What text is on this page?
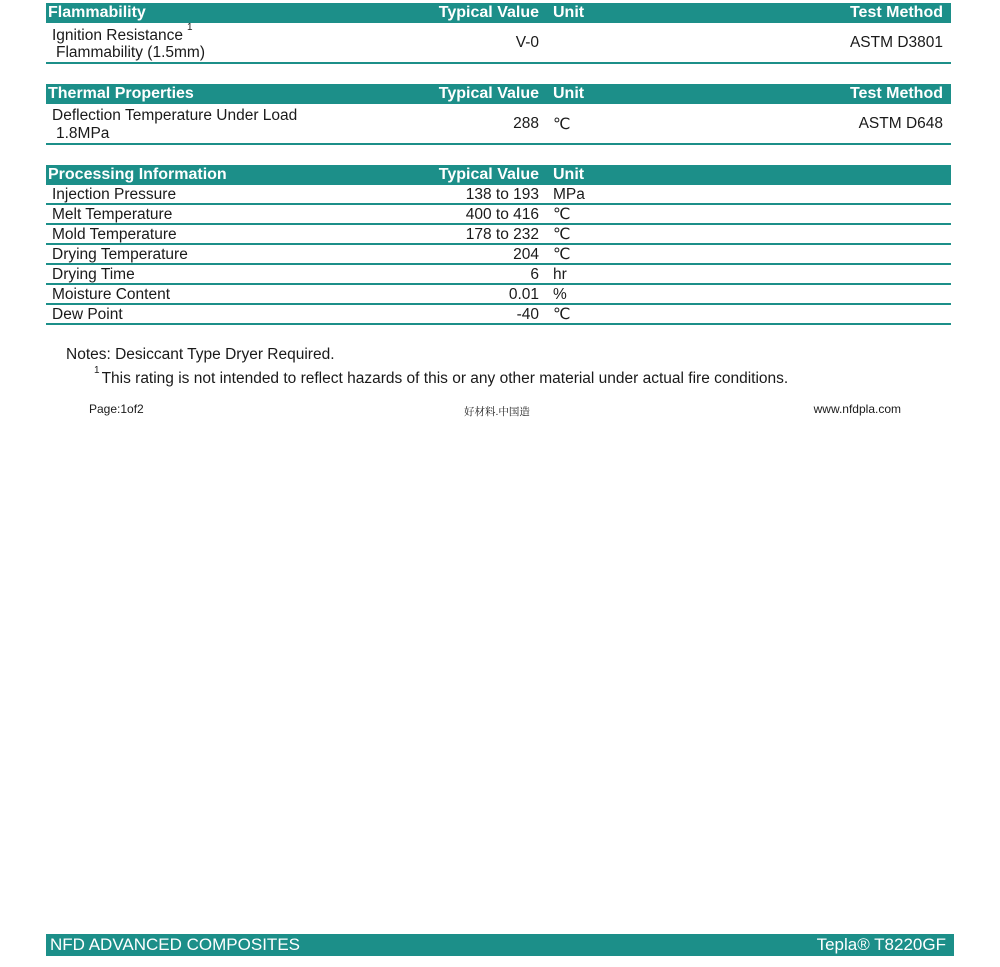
Flammability	Typical Value Unit	Test Method
Ignition Resistance $^1$
Flammability (1.5mm)
V-0	ASTM D3801
Thermal Properties	Typical Value Unit	Test Method
Deflection Temperature Under Load
1.8MPa
288 ℃	ASTM D648
Processing Information	Typical Value Unit
Injection Pressure	138 to 193 MPa
Melt Temperature	400 to 416 ℃
Mold Temperature	178 to 232 ℃
Drying Temperature	204 ℃
Drying Time	6 hr
Moisture Content	0.01 %
Dew Point	-40 ℃
Notes: Desiccant Type Dryer Required.
$^1$ This rating is not intended to reflect hazards of this or any other material under actual fire conditions.
Page:1of2	好材料.中国造	www.nfdpla.com
NFD ADVANCED COMPOSITES	Tepla® T8220GF
